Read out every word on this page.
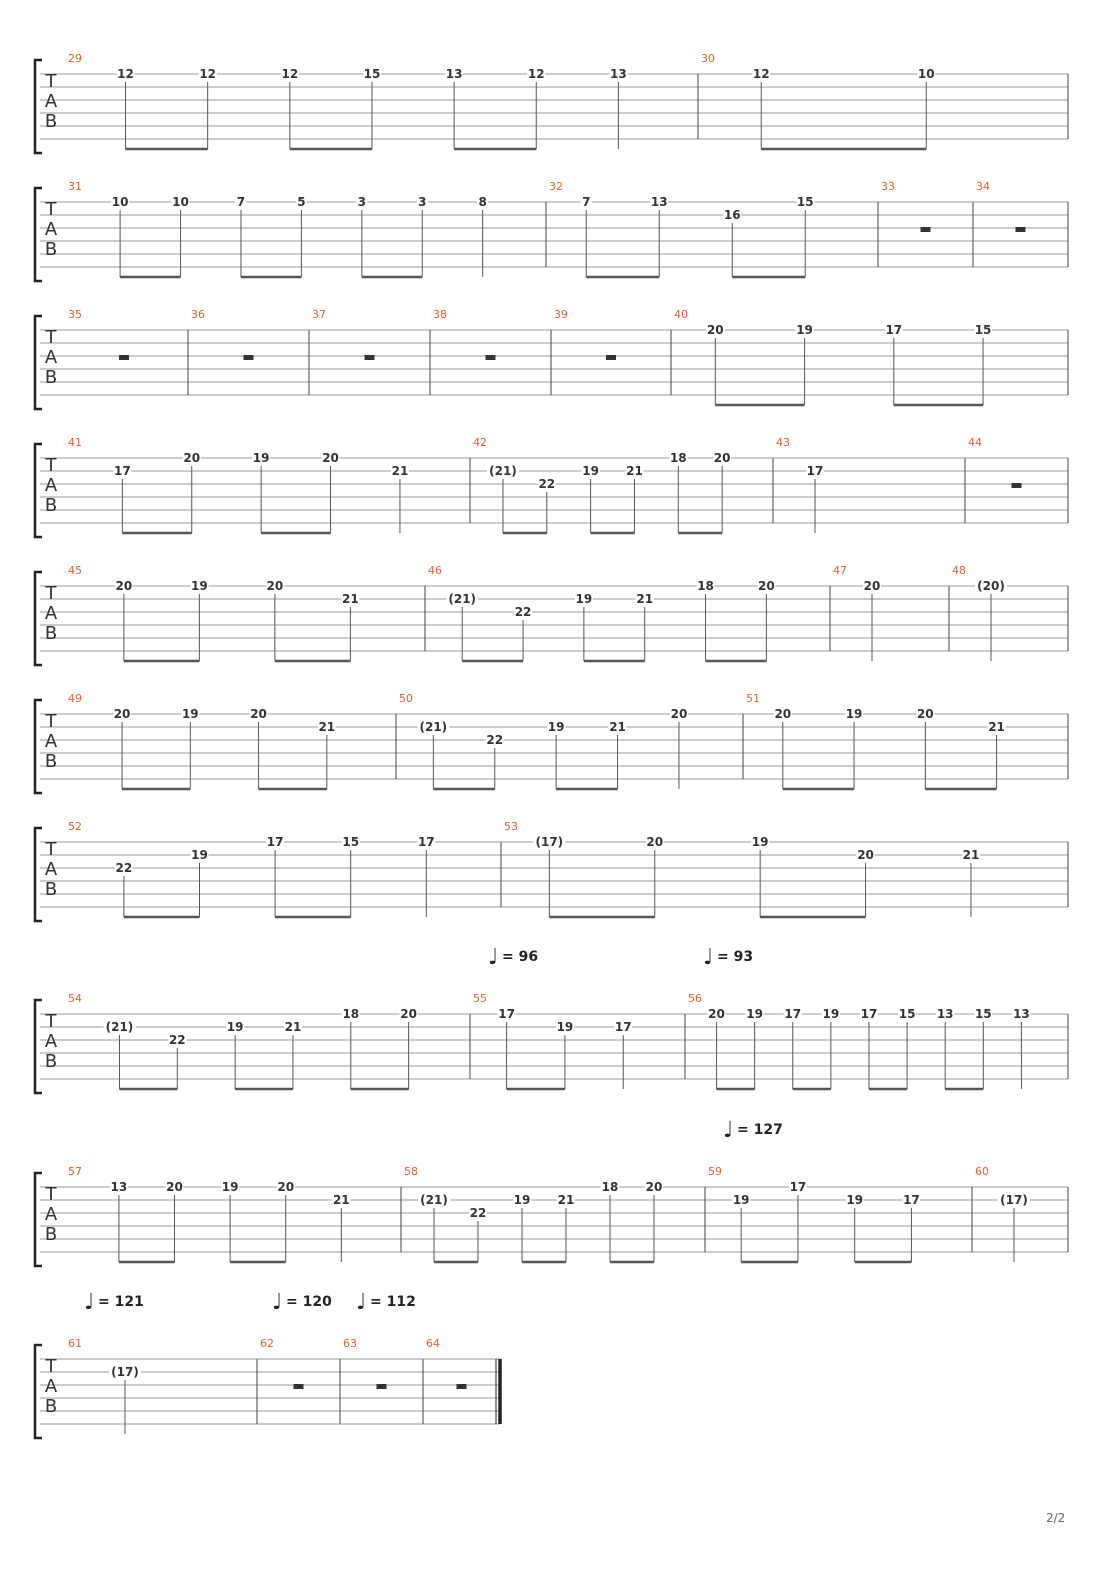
T
A
B
29
12	12	12	15	13	12	13
30
12	10
T
A
B
31
10	10	7	5	3	3	8
32
7	13
16
15
33	34
T
A
B
35	36	37	38	39	40
20	19	17	15
T
A
B
41
17
20	19	20
21
42
(21)
22
19 21
18 20
43
17
44
T
A
B
45
20	19	20
21
46
(21)
22
19	21
18	20
47
20
48
(20)
T
A
B
49
20	19	20
21
50
(21)
22
19	21
20
51
20	19	20
21
T
A
B
52
22
19
17	15	17
53
(17)	20	19
20	21
T
A
B
♩ = 96	♩ = 93
54
(21)
22
19	21
18	20
55
17
19	17
56
20 19 17 19 17 15 13 15 13
T
A
B
♩ = 127
57
13	20	19	20
21
58
(21)
22
19 21
18 20
59
19
17
19	17
60
(17)
T
A
B
♩ = 121	♩ = 120 ♩ = 112
61
(17)
62	63	64
2/2
